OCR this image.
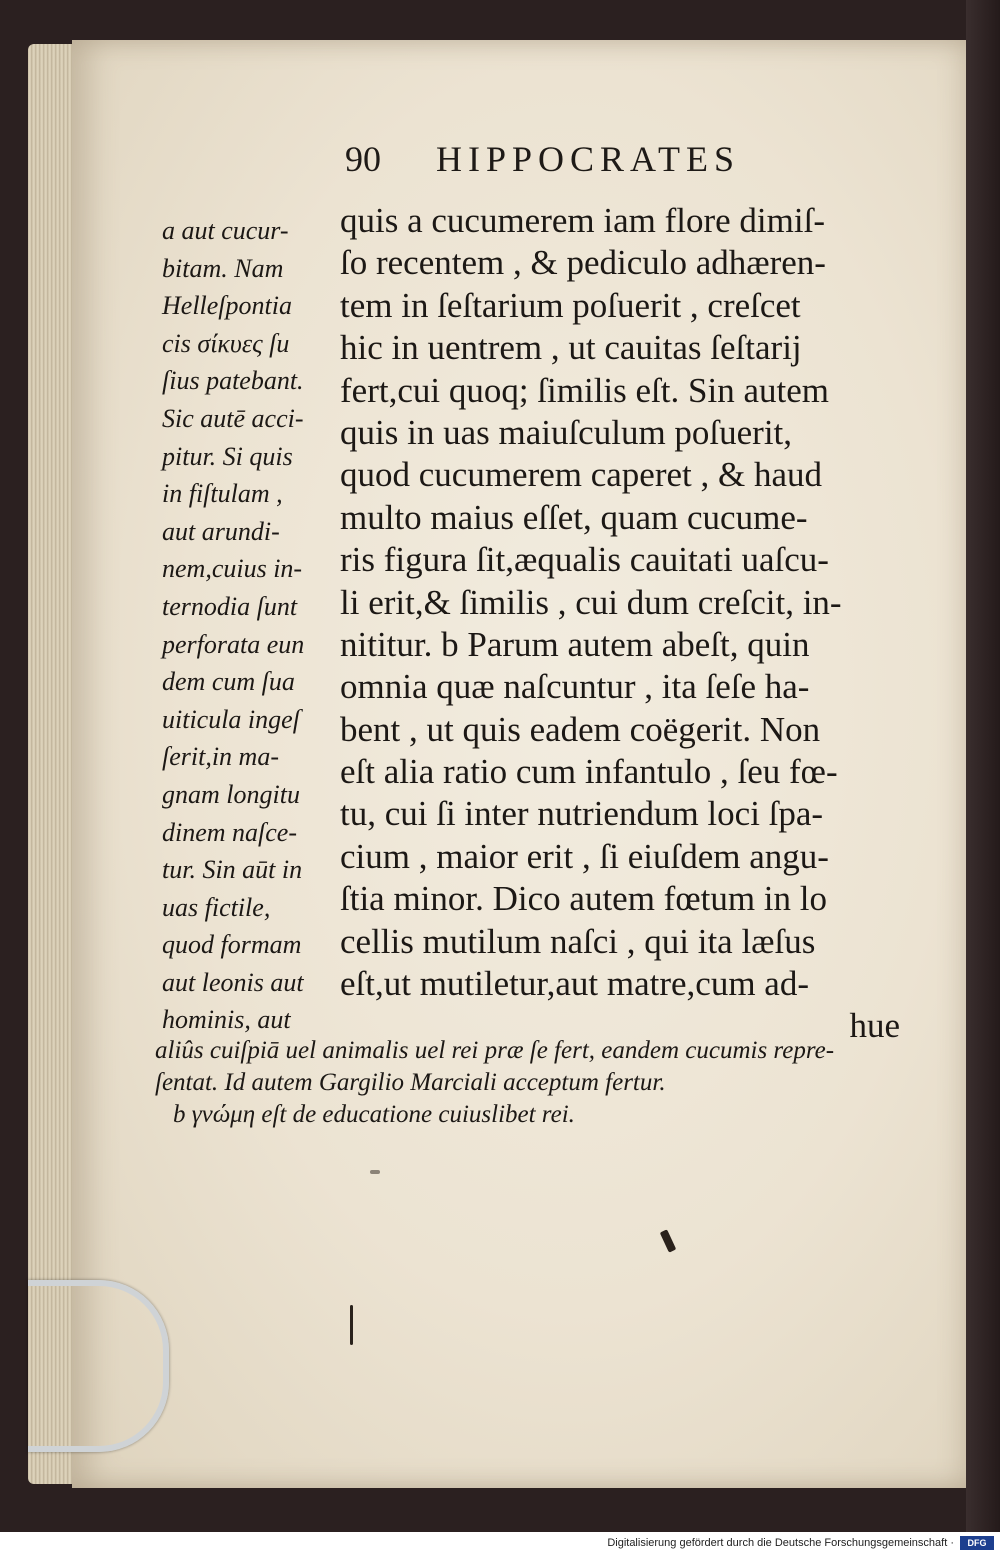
90 HIPPOCRATES
a aut cucur-
bitam. Nam
Helleſpontia
cis σίκυες ſu
ſius patebant.
Sic autē acci-
pitur. Si quis
in fiſtulam ,
aut arundi-
nem,cuius in-
ternodia ſunt
perforata eun
dem cum ſua
uiticula ingeſ
ſerit,in ma-
gnam longitu
dinem naſce-
tur. Sin aūt in
uas fictile,
quod formam
aut leonis aut
hominis, aut
quis a cucumerem iam flore dimiſ-
ſo recentem , & pediculo adhæren-
tem in ſeſtarium poſuerit , creſcet
hic in uentrem , ut cauitas ſeſtarij
fert,cui quoq; ſimilis eſt. Sin autem
quis in uas maiuſculum poſuerit,
quod cucumerem caperet , & haud
multo maius eſſet, quam cucume-
ris figura ſit,æqualis cauitati uaſcu-
li erit,& ſimilis , cui dum creſcit, in-
nititur. b Parum autem abeſt, quin
omnia quæ naſcuntur , ita ſeſe ha-
bent , ut quis eadem coëgerit. Non
eſt alia ratio cum infantulo , ſeu fœ-
tu, cui ſi inter nutriendum loci ſpa-
cium , maior erit , ſi eiuſdem angu-
ſtia minor. Dico autem fœtum in lo
cellis mutilum naſci , qui ita læſus
eſt,ut mutiletur,aut matre,cum ad-
hue
aliûs cuiſpiā uel animalis uel rei præ ſe fert, eandem cucumis repre-
ſentat. Id autem Gargilio Marciali acceptum fertur.
b γνώμη eſt de educatione cuiuslibet rei.
Digitalisierung gefördert durch die Deutsche Forschungsgemeinschaft ·	DFG
